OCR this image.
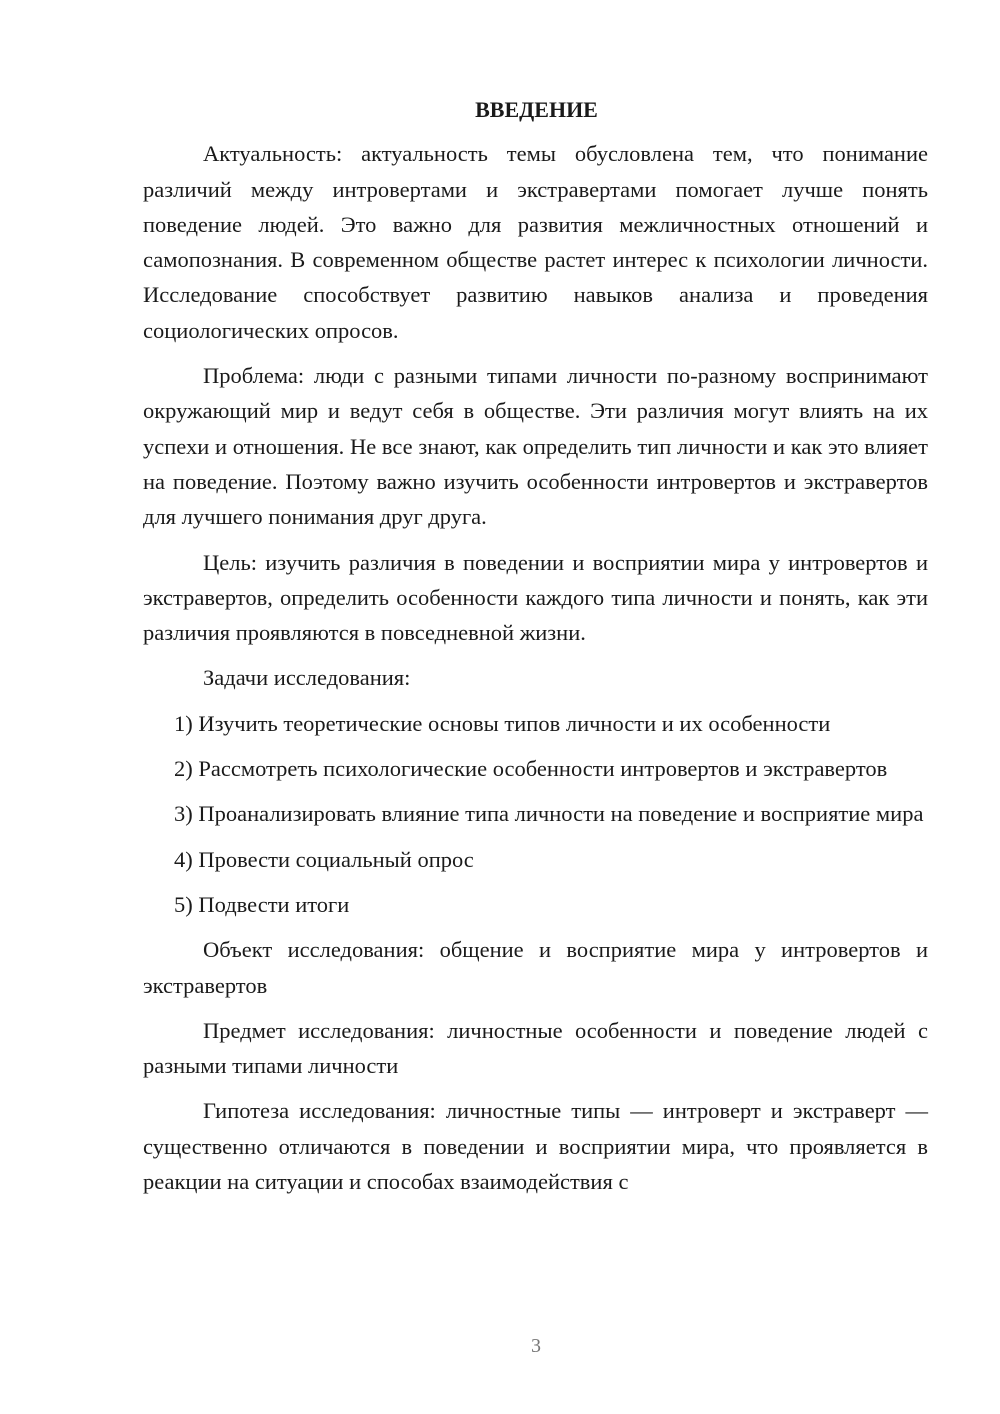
ВВЕДЕНИЕ

Актуальность: актуальность темы обусловлена тем, что понимание различий между интровертами и экстравертами помогает лучше понять поведение людей. Это важно для развития межличностных отношений и самопознания. В современном обществе растет интерес к психологии личности. Исследование способствует развитию навыков анализа и проведения социологических опросов.

Проблема: люди с разными типами личности по-разному воспринимают окружающий мир и ведут себя в обществе. Эти различия могут влиять на их успехи и отношения. Не все знают, как определить тип личности и как это влияет на поведение. Поэтому важно изучить особенности интровертов и экстравертов для лучшего понимания друг друга.

Цель: изучить различия в поведении и восприятии мира у интровертов и экстравертов, определить особенности каждого типа личности и понять, как эти различия проявляются в повседневной жизни.

Задачи исследования:

1) Изучить теоретические основы типов личности и их особенности

2) Рассмотреть психологические особенности интровертов и экстравертов

3) Проанализировать влияние типа личности на поведение и восприятие мира

4) Провести социальный опрос

5) Подвести итоги

Объект исследования: общение и восприятие мира у интровертов и экстравертов

Предмет исследования: личностные особенности и поведение людей с разными типами личности

Гипотеза исследования: личностные типы — интроверт и экстраверт — существенно отличаются в поведении и восприятии мира, что проявляется в реакции на ситуации и способах взаимодействия с

3
